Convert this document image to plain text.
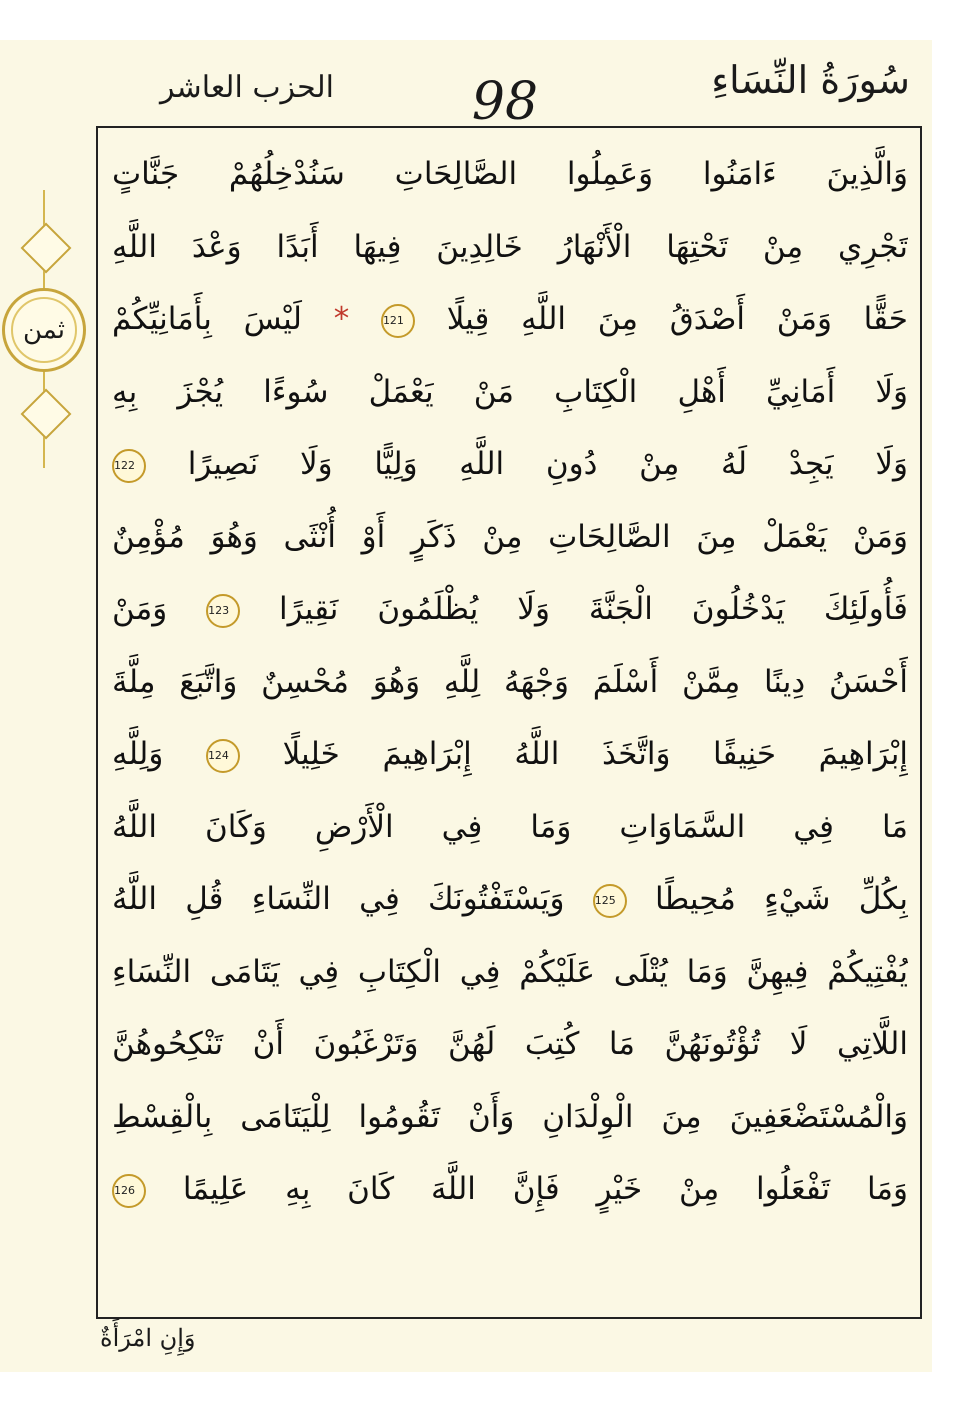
سُورَةُ النِّسَاءِ
98
الحزب العاشر
ثمن
وَالَّذِينَ ءَامَنُوا وَعَمِلُوا الصَّالِحَاتِ سَنُدْخِلُهُمْ جَنَّاتٍ
تَجْرِي مِنْ تَحْتِهَا الْأَنْهَارُ خَالِدِينَ فِيهَا أَبَدًا وَعْدَ اللَّهِ
حَقًّا وَمَنْ أَصْدَقُ مِنَ اللَّهِ قِيلًا 121 * لَيْسَ بِأَمَانِيِّكُمْ
وَلَا أَمَانِيِّ أَهْلِ الْكِتَابِ مَنْ يَعْمَلْ سُوءًا يُجْزَ بِهِ
وَلَا يَجِدْ لَهُ مِنْ دُونِ اللَّهِ وَلِيًّا وَلَا نَصِيرًا 122
وَمَنْ يَعْمَلْ مِنَ الصَّالِحَاتِ مِنْ ذَكَرٍ أَوْ أُنْثَى وَهُوَ مُؤْمِنٌ
فَأُولَئِكَ يَدْخُلُونَ الْجَنَّةَ وَلَا يُظْلَمُونَ نَقِيرًا 123 وَمَنْ
أَحْسَنُ دِينًا مِمَّنْ أَسْلَمَ وَجْهَهُ لِلَّهِ وَهُوَ مُحْسِنٌ وَاتَّبَعَ مِلَّةَ
إِبْرَاهِيمَ حَنِيفًا وَاتَّخَذَ اللَّهُ إِبْرَاهِيمَ خَلِيلًا 124 وَلِلَّهِ
مَا فِي السَّمَاوَاتِ وَمَا فِي الْأَرْضِ وَكَانَ اللَّهُ
بِكُلِّ شَيْءٍ مُحِيطًا 125 وَيَسْتَفْتُونَكَ فِي النِّسَاءِ قُلِ اللَّهُ
يُفْتِيكُمْ فِيهِنَّ وَمَا يُتْلَى عَلَيْكُمْ فِي الْكِتَابِ فِي يَتَامَى النِّسَاءِ
اللَّاتِي لَا تُؤْتُونَهُنَّ مَا كُتِبَ لَهُنَّ وَتَرْغَبُونَ أَنْ تَنْكِحُوهُنَّ
وَالْمُسْتَضْعَفِينَ مِنَ الْوِلْدَانِ وَأَنْ تَقُومُوا لِلْيَتَامَى بِالْقِسْطِ
وَمَا تَفْعَلُوا مِنْ خَيْرٍ فَإِنَّ اللَّهَ كَانَ بِهِ عَلِيمًا 126
وَإِنِ امْرَأَةٌ
